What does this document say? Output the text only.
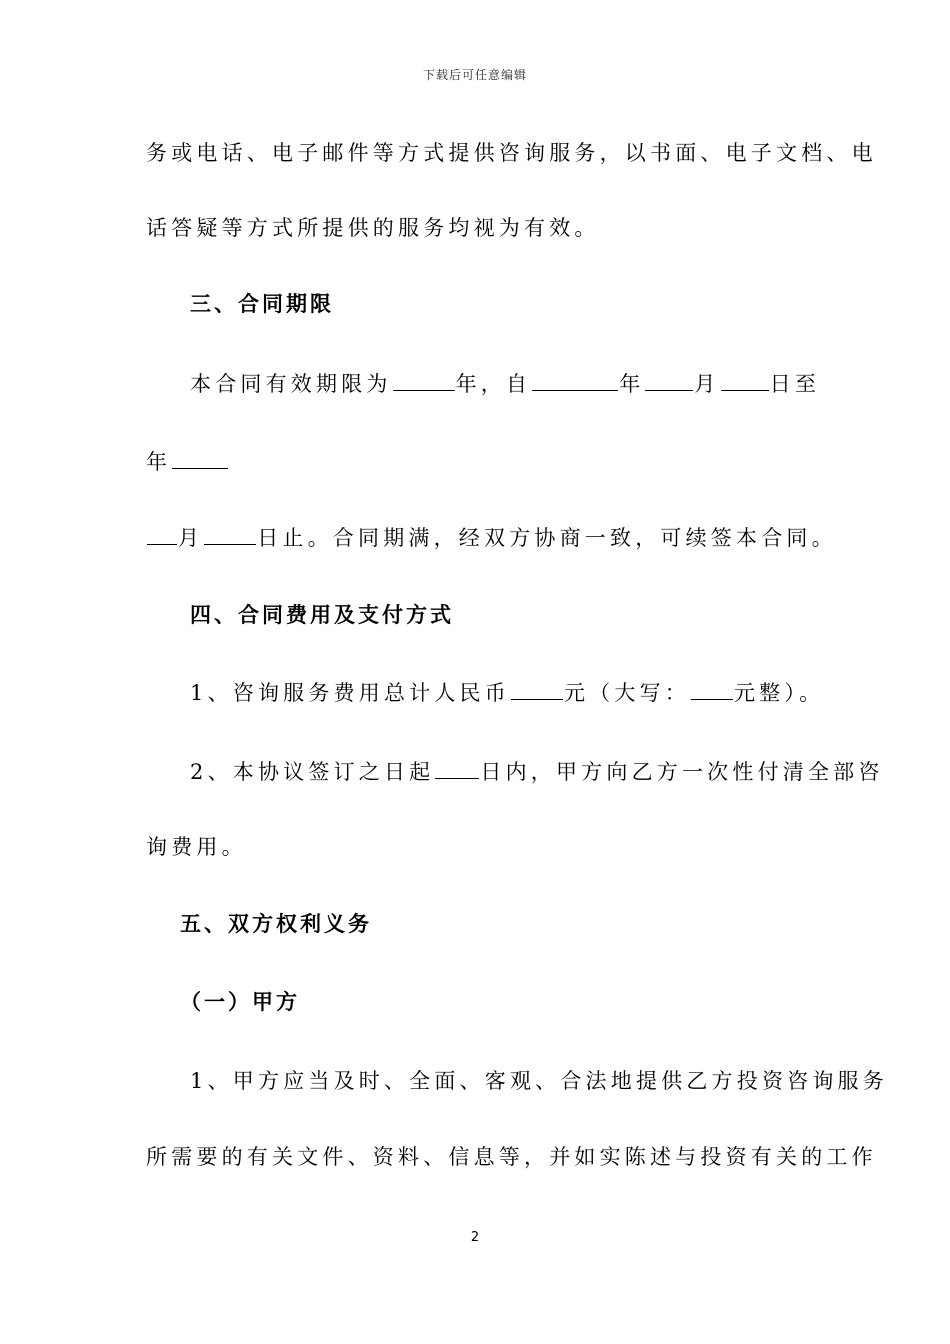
下载后可任意编辑
务或电话、电子邮件等方式提供咨询服务，以书面、电子文档、电
话答疑等方式所提供的服务均视为有效。
三、合同期限
本合同有效期限为	年，自	年 月 日至
年
月	日止。合同期满，经双方协商一致，可续签本合同。
四、合同费用及支付方式
1、咨询服务费用总计人民币	元（大写： 元整）。
2、本协议签订之日起 日内，甲方向乙方一次性付清全部咨
询费用。
五、双方权利义务
（一）甲方
1、甲方应当及时、全面、客观、合法地提供乙方投资咨询服务
所需要的有关文件、资料、信息等，并如实陈述与投资有关的工作
2
